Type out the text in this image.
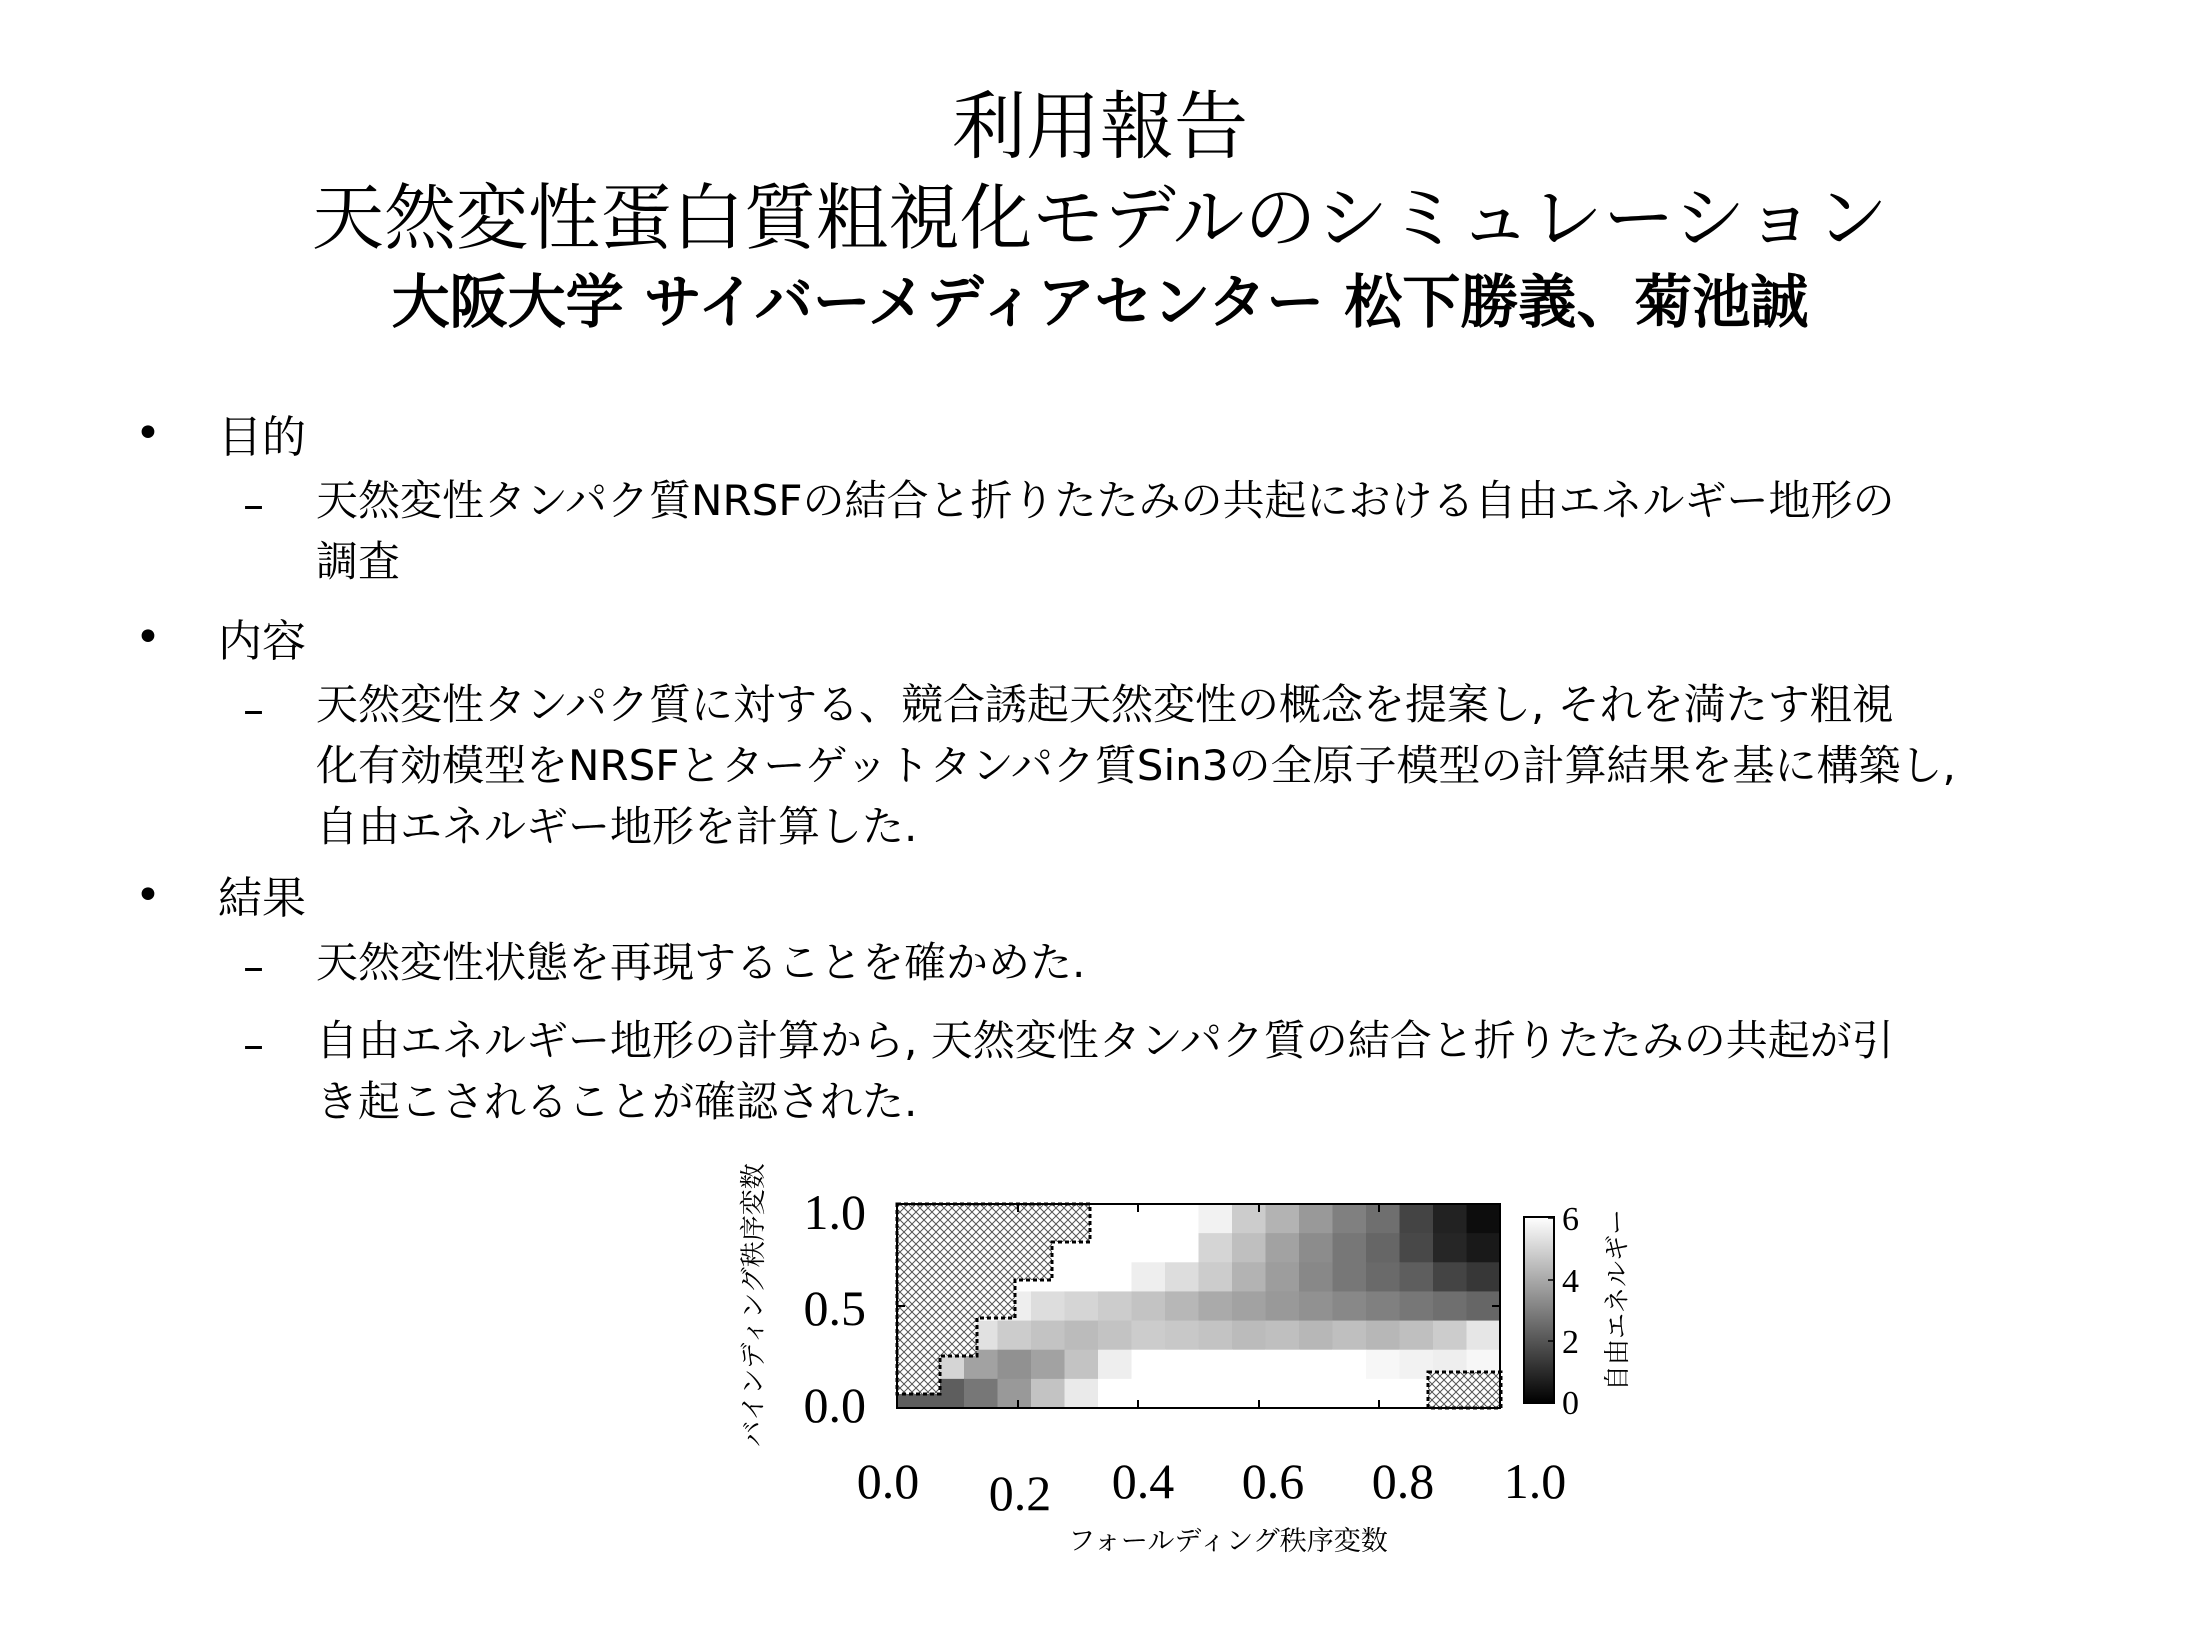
利用報告
天然変性蛋白質粗視化モデルのシミュレーション
大阪大学 サイバーメディアセンター 松下勝義、菊池誠
• 目的
– 天然変性タンパク質NRSFの結合と折りたたみの共起における自由エネルギー地形の
調査
• 内容
– 天然変性タンパク質に対する、競合誘起天然変性の概念を提案し, それを満たす粗視
化有効模型をNRSFとターゲットタンパク質Sin3の全原子模型の計算結果を基に構築し,
自由エネルギー地形を計算した.
• 結果
– 天然変性状態を再現することを確かめた.
– 自由エネルギー地形の計算から, 天然変性タンパク質の結合と折りたたみの共起が引
き起こされることが確認された.
1.0
0.5
0.0
0.0 0.2 0.4 0.6 0.8 1.0
フォールディング秩序変数
バインディング秩序変数	6
4
2
0
自由エネルギー
